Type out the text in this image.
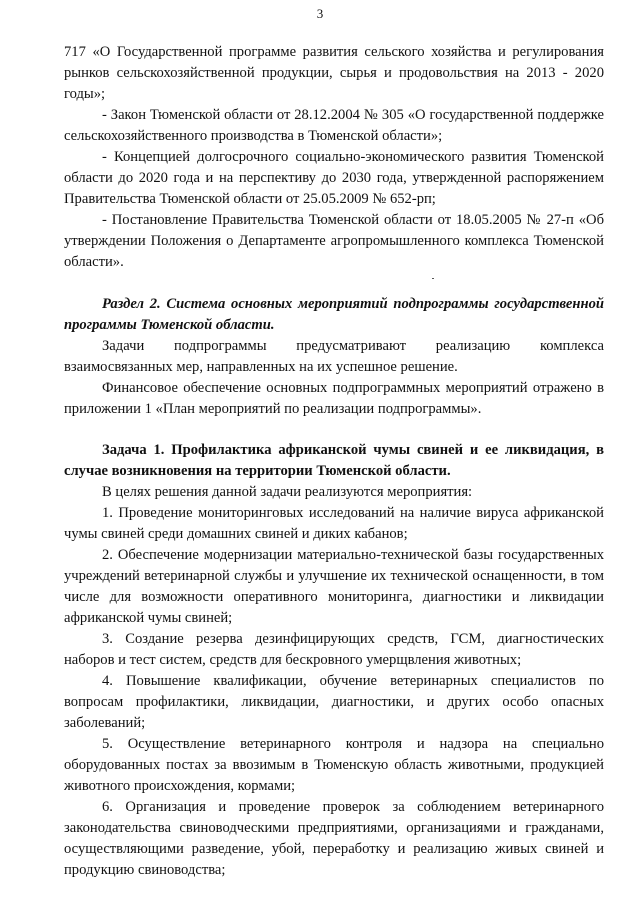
3

717 «О Государственной программе развития сельского хозяйства и регулирования рынков сельскохозяйственной продукции, сырья и продовольствия на 2013 - 2020 годы»;

- Закон Тюменской области от 28.12.2004 № 305 «О государственной поддержке сельскохозяйственного производства в Тюменской области»;

- Концепцией долгосрочного социально-экономического развития Тюменской области до 2020 года и на перспективу до 2030 года, утвержденной распоряжением Правительства Тюменской области от 25.05.2009 № 652-рп;

- Постановление Правительства Тюменской области от 18.05.2005 № 27-п «Об утверждении Положения о Департаменте агропромышленного комплекса Тюменской области».

Раздел 2. Система основных мероприятий подпрограммы государственной программы Тюменской области.

Задачи подпрограммы предусматривают реализацию комплекса взаимосвязанных мер, направленных на их успешное решение.

Финансовое обеспечение основных подпрограммных мероприятий отражено в приложении 1 «План мероприятий по реализации подпрограммы».

Задача 1. Профилактика африканской чумы свиней и ее ликвидация, в случае возникновения на территории Тюменской области.

В целях решения данной задачи реализуются мероприятия:

1. Проведение мониторинговых исследований на наличие вируса африканской чумы свиней среди домашних свиней и диких кабанов;

2. Обеспечение модернизации материально-технической базы государственных учреждений ветеринарной службы и улучшение их технической оснащенности, в том числе для возможности оперативного мониторинга, диагностики и ликвидации африканской чумы свиней;

3. Создание резерва дезинфицирующих средств, ГСМ, диагностических наборов и тест систем, средств для бескровного умерщвления животных;

4. Повышение квалификации, обучение ветеринарных специалистов по вопросам профилактики, ликвидации, диагностики, и других особо опасных заболеваний;

5. Осуществление ветеринарного контроля и надзора на специально оборудованных постах за ввозимым в Тюменскую область животными, продукцией животного происхождения, кормами;

6. Организация и проведение проверок за соблюдением ветеринарного законодательства свиноводческими предприятиями, организациями и гражданами, осуществляющими разведение, убой, переработку и реализацию живых свиней и продукцию свиноводства;
